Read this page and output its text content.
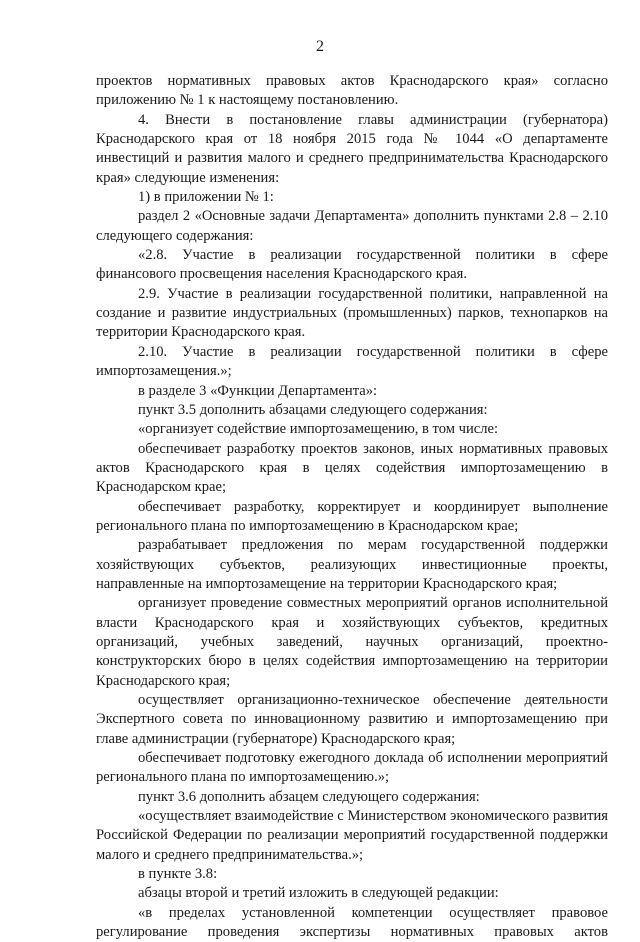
2

проектов нормативных правовых актов Краснодарского края» согласно приложению № 1 к настоящему постановлению.

4. Внести в постановление главы администрации (губернатора) Краснодарского края от 18 ноября 2015 года № 1044 «О департаменте инвестиций и развития малого и среднего предпринимательства Краснодарского края» следующие изменения:

1) в приложении № 1:

раздел 2 «Основные задачи Департамента» дополнить пунктами 2.8 – 2.10 следующего содержания:

«2.8. Участие в реализации государственной политики в сфере финансового просвещения населения Краснодарского края.

2.9. Участие в реализации государственной политики, направленной на создание и развитие индустриальных (промышленных) парков, технопарков на территории Краснодарского края.

2.10. Участие в реализации государственной политики в сфере импортозамещения.»;

в разделе 3 «Функции Департамента»:

пункт 3.5 дополнить абзацами следующего содержания:

«организует содействие импортозамещению, в том числе:

обеспечивает разработку проектов законов, иных нормативных правовых актов Краснодарского края в целях содействия импортозамещению в Краснодарском крае;

обеспечивает разработку, корректирует и координирует выполнение регионального плана по импортозамещению в Краснодарском крае;

разрабатывает предложения по мерам государственной поддержки хозяйствующих субъектов, реализующих инвестиционные проекты, направленные на импортозамещение на территории Краснодарского края;

организует проведение совместных мероприятий органов исполнительной власти Краснодарского края и хозяйствующих субъектов, кредитных организаций, учебных заведений, научных организаций, проектно-конструкторских бюро в целях содействия импортозамещению на территории Краснодарского края;

осуществляет организационно-техническое обеспечение деятельности Экспертного совета по инновационному развитию и импортозамещению при главе администрации (губернаторе) Краснодарского края;

обеспечивает подготовку ежегодного доклада об исполнении мероприятий регионального плана по импортозамещению.»;

пункт 3.6 дополнить абзацем следующего содержания:

«осуществляет взаимодействие с Министерством экономического развития Российской Федерации по реализации мероприятий государственной поддержки малого и среднего предпринимательства.»;

в пункте 3.8:

абзацы второй и третий изложить в следующей редакции:

«в пределах установленной компетенции осуществляет правовое регулирование проведения экспертизы нормативных правовых актов
